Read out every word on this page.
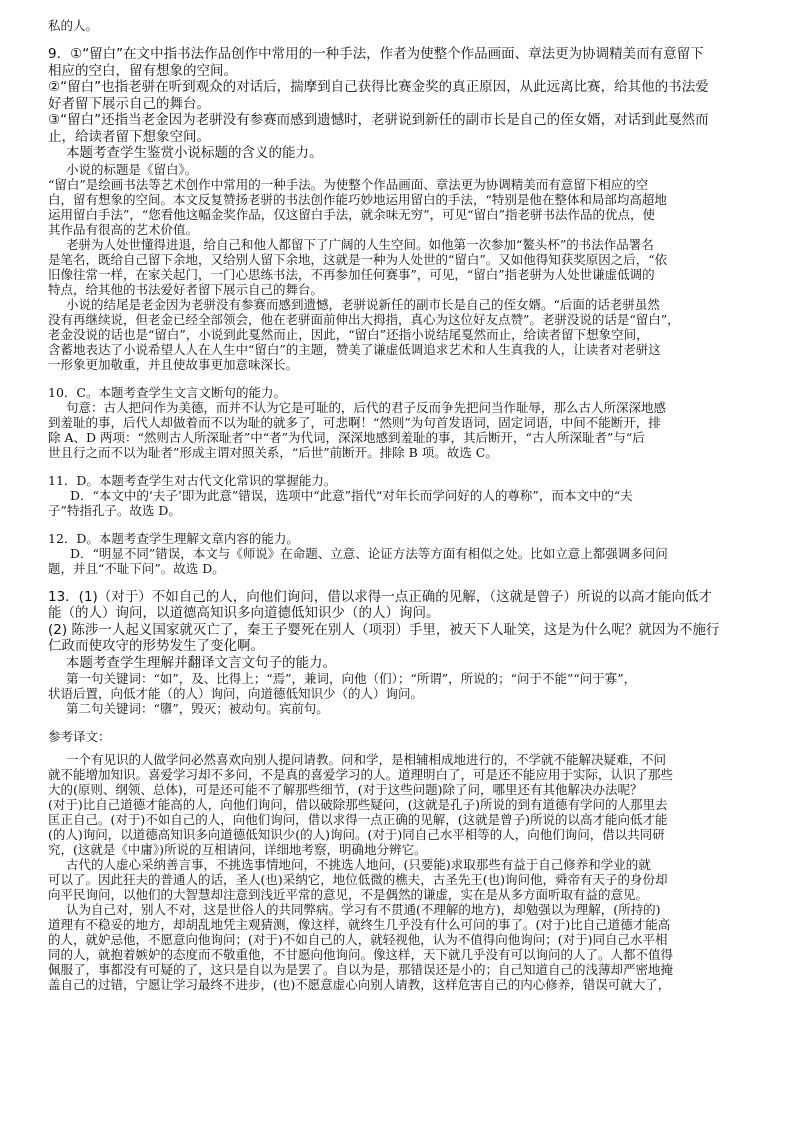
私的人。
9．①“留白”在文中指书法作品创作中常用的一种手法，作者为使整个作品画面、章法更为协调精美而有意留下
相应的空白，留有想象的空间。
②“留白”也指老骈在听到观众的对话后，揣摩到自己获得比赛金奖的真正原因，从此远离比赛，给其他的书法爱
好者留下展示自己的舞台。
③“留白”还指当老金因为老骈没有参赛而感到遗憾时，老骈说到新任的副市长是自己的侄女婿，对话到此戛然而
止，给读者留下想象空间。
本题考查学生鉴赏小说标题的含义的能力。
小说的标题是《留白》。
“留白”是绘画书法等艺术创作中常用的一种手法。为使整个作品画面、章法更为协调精美而有意留下相应的空
白，留有想象的空间。本文反复赞扬老骈的书法创作能巧妙地运用留白的手法，“特别是他在整体和局部均高超地
运用留白手法”，“您看他这幅金奖作品，仅这留白手法，就余味无穷”，可见“留白”指老骈书法作品的优点，使
其作品有很高的艺术价值。
老骈为人处世懂得进退，给自己和他人都留下了广阔的人生空间。如他第一次参加“鳌头杯”的书法作品署名
是笔名，既给自己留下余地，又给别人留下余地，这就是一种为人处世的“留白”。又如他得知获奖原因之后，“依
旧像往常一样，在家关起门，一门心思练书法，不再参加任何赛事”，可见，“留白”指老骈为人处世谦虚低调的
特点，给其他的书法爱好者留下展示自己的舞台。
小说的结尾是老金因为老骈没有参赛而感到遗憾，老骈说新任的副市长是自己的侄女婿。“后面的话老骈虽然
没有再继续说，但老金已经全部领会，他在老骈面前伸出大拇指，真心为这位好友点赞”。老骈没说的话是“留白”，
老金没说的话也是“留白”，小说到此戛然而止，因此，“留白”还指小说结尾戛然而止，给读者留下想象空间，
含蓄地表达了小说希望人人在人生中“留白”的主题，赞美了谦虚低调追求艺术和人生真我的人，让读者对老骈这
一形象更加敬重，并且使故事更加意味深长。
10．C。本题考查学生文言文断句的能力。
句意：古人把问作为美德，而并不认为它是可耻的，后代的君子反而争先把问当作耻辱，那么古人所深深地感
到羞耻的事，后代人却做着而不以为耻的就多了，可悲啊！“然则”为句首发语词，固定词语，中间不能断开，排
除 A、D 两项：“然则古人所深耻者”中“者”为代词，深深地感到羞耻的事，其后断开，“古人所深耻者”与“后
世且行之而不以为耻者”形成主谓对照关系，“后世”前断开。排除 B 项。故选 C。
11．D。本题考查学生对古代文化常识的掌握能力。
D．“本文中的‘夫子’即为此意”错误，选项中“此意”指代“对年长而学问好的人的尊称”，而本文中的“夫
子”特指孔子。故选 D。
12．D。本题考查学生理解文章内容的能力。
D．“明显不同”错误，本文与《师说》在命题、立意、论证方法等方面有相似之处。比如立意上都强调多问问
题，并且“不耻下问”。故选 D。
13．(1)（对于）不如自己的人，向他们询问，借以求得一点正确的见解，（这就是曾子）所说的以高才能向低才
能（的人）询问，以道德高知识多向道德低知识少（的人）询问。
(2) 陈涉一人起义国家就灭亡了，秦王子婴死在别人（项羽）手里，被天下人耻笑，这是为什么呢？就因为不施行
仁政而使攻守的形势发生了变化啊。
本题考查学生理解并翻译文言文句子的能力。
第一句关键词：“如”，及、比得上；“焉”，兼词，向他（们）；“所谓”，所说的；“问于不能”“问于寡”，
状语后置，向低才能（的人）询问，向道德低知识少（的人）询问。
第二句关键词：“隳”，毁灭；被动句。宾前句。
参考译文：
一个有见识的人做学问必然喜欢向别人提问请教。问和学，是相辅相成地进行的，不学就不能解决疑难，不问
就不能增加知识。喜爱学习却不多问，不是真的喜爱学习的人。道理明白了，可是还不能应用于实际，认识了那些
大的(原则、纲领、总体)，可是还可能不了解那些细节，(对于这些问题)除了问，哪里还有其他解决办法呢？
(对于)比自己道德才能高的人，向他们询问，借以破除那些疑问，(这就是孔子)所说的到有道德有学问的人那里去
匡正自己。(对于)不如自己的人，向他们询问，借以求得一点正确的见解，(这就是曾子)所说的以高才能向低才能
(的人)询问，以道德高知识多向道德低知识少(的人)询问。(对于)同自己水平相等的人，向他们询问，借以共同研
究，(这就是《中庸》)所说的互相请问，详细地考察，明确地分辨它。
古代的人虚心采纳善言事，不挑选事情地问，不挑选人地问，(只要能)求取那些有益于自己修养和学业的就
可以了。因此狂夫的普通人的话，圣人(也)采纳它，地位低微的樵夫，古圣先王(也)询问他，舜帝有天子的身份却
向平民询问，以他们的大智慧却注意到浅近平常的意见，不是偶然的谦虚，实在是从多方面听取有益的意见。
认为自己对，别人不对，这是世俗人的共同弊病。学习有不贯通(不理解的地方)，却勉强以为理解，(所持的)
道理有不稳妥的地方，却胡乱地凭主观猜测，像这样，就终生几乎没有什么可问的事了。(对于)比自己道德才能高
的人，就妒忌他，不愿意向他询问；(对于)不如自己的人，就轻视他，认为不值得向他询问；(对于)同自己水平相
同的人，就抱着嫉妒的态度而不敬重他，不甘愿向他询问。像这样，天下就几乎没有可以询问的人了。人都不值得
佩服了，事都没有可疑的了，这只是自以为是罢了。自以为是，那错误还是小的；自己知道自己的浅薄却严密地掩
盖自己的过错，宁愿让学习最终不进步，(也)不愿意虚心向别人请教，这样危害自己的内心修养，错误可就大了，
